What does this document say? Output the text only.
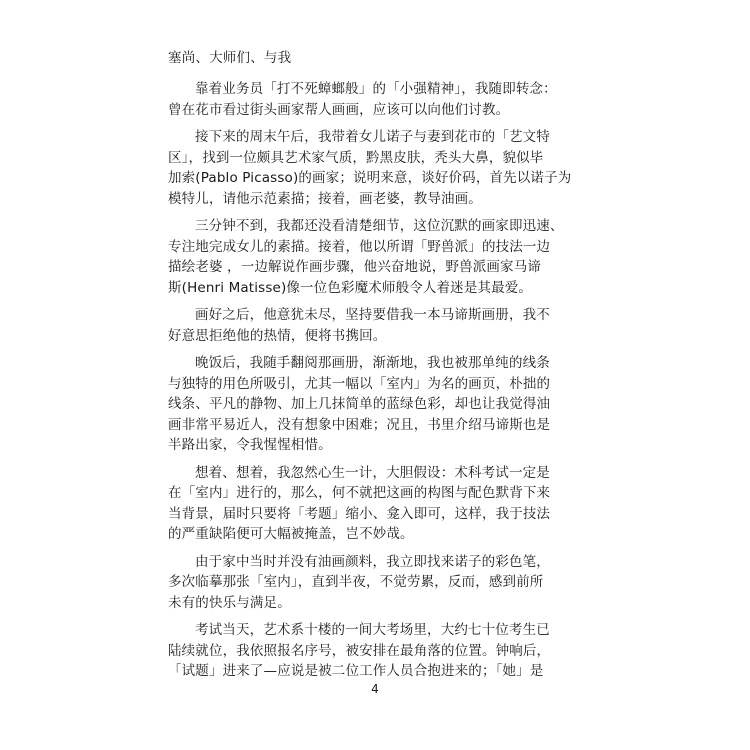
塞尚、大师们、与我
靠着业务员「打不死蟑螂般」的「小强精神」，我随即转念：
曾在花市看过街头画家帮人画画，应该可以向他们讨教。
接下来的周末午后，我带着女儿诺子与妻到花市的「艺文特
区」，找到一位颇具艺术家气质，黔黑皮肤，秃头大鼻，貌似毕
加索(Pablo Picasso)的画家；说明来意，谈好价码，首先以诺子为
模特儿，请他示范素描；接着，画老婆，教导油画。
三分钟不到，我都还没看清楚细节，这位沉默的画家即迅速、
专注地完成女儿的素描。接着，他以所谓「野兽派」的技法一边
描绘老婆 ，一边解说作画步骤，他兴奋地说，野兽派画家马谛
斯(Henri Matisse)像一位色彩魔术师般令人着迷是其最爱。
画好之后，他意犹未尽，坚持要借我一本马谛斯画册，我不
好意思拒绝他的热情，便将书携回。
晚饭后，我随手翻阅那画册，渐渐地，我也被那单纯的线条
与独特的用色所吸引，尤其一幅以「室内」为名的画页，朴拙的
线条、平凡的静物、加上几抹简单的蓝绿色彩，却也让我觉得油
画非常平易近人，没有想象中困难；况且，书里介绍马谛斯也是
半路出家，令我惺惺相惜。
想着、想着，我忽然心生一计，大胆假设：术科考试一定是
在「室内」进行的，那么，何不就把这画的构图与配色默背下来
当背景，届时只要将「考题」缩小、龛入即可，这样，我于技法
的严重缺陷便可大幅被掩盖，岂不妙哉。
由于家中当时并没有油画颜料，我立即找来诺子的彩色笔，
多次临摹那张「室内」，直到半夜，不觉劳累，反而，感到前所
未有的快乐与满足。
考试当天，艺术系十楼的一间大考场里，大约七十位考生已
陆续就位，我依照报名序号，被安排在最角落的位置。钟响后，
「试题」进来了—应说是被二位工作人员合抱进来的；「她」是
4
